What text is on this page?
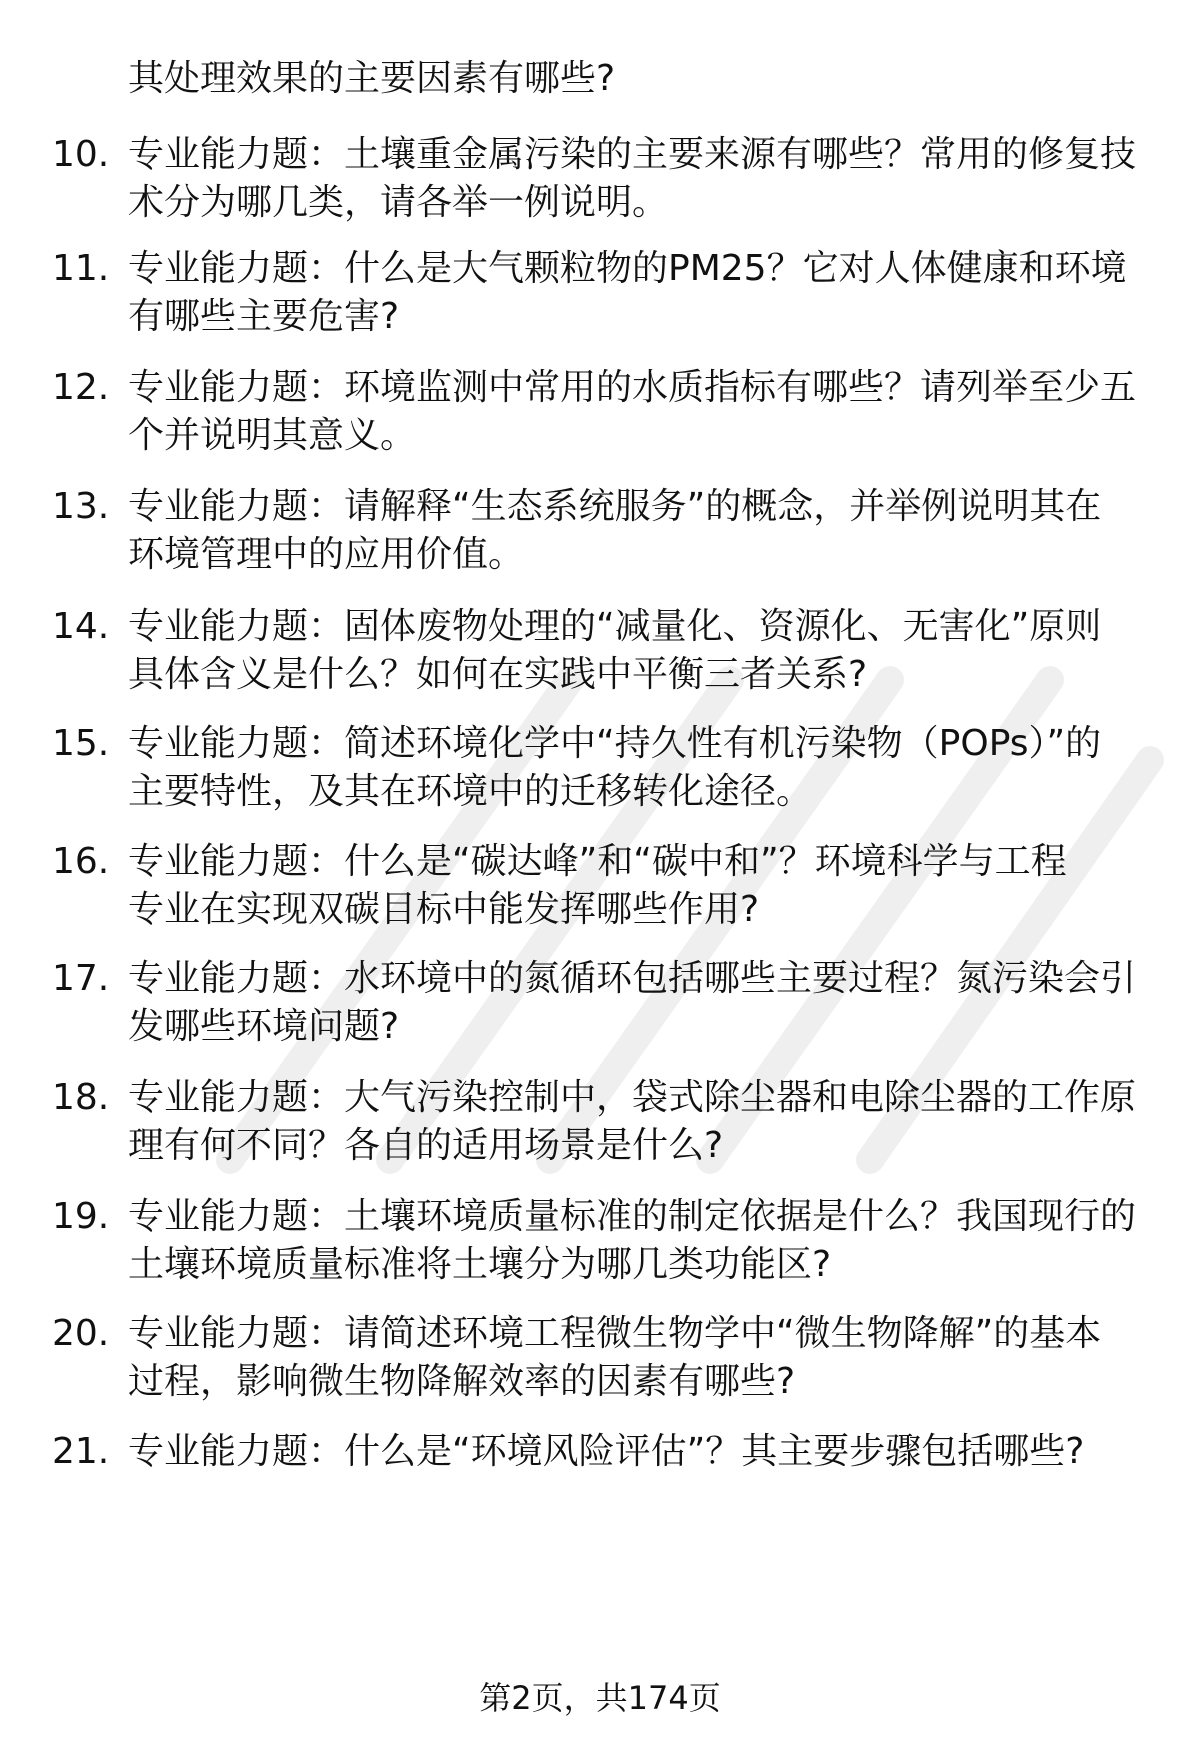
其处理效果的主要因素有哪些?
10. 专业能力题：土壤重金属污染的主要来源有哪些？常用的修复技
术分为哪几类，请各举一例说明。
11. 专业能力题：什么是大气颗粒物的PM25？它对人体健康和环境
有哪些主要危害?
12. 专业能力题：环境监测中常用的水质指标有哪些？请列举至少五
个并说明其意义。
13. 专业能力题：请解释“生态系统服务”的概念，并举例说明其在
环境管理中的应用价值。
14. 专业能力题：固体废物处理的“减量化、资源化、无害化”原则
具体含义是什么？如何在实践中平衡三者关系?
15. 专业能力题：简述环境化学中“持久性有机污染物（POPs）”的
主要特性，及其在环境中的迁移转化途径。
16. 专业能力题：什么是“碳达峰”和“碳中和”？环境科学与工程
专业在实现双碳目标中能发挥哪些作用?
17. 专业能力题：水环境中的氮循环包括哪些主要过程？氮污染会引
发哪些环境问题?
18. 专业能力题：大气污染控制中，袋式除尘器和电除尘器的工作原
理有何不同？各自的适用场景是什么?
19. 专业能力题：土壤环境质量标准的制定依据是什么？我国现行的
土壤环境质量标准将土壤分为哪几类功能区?
20. 专业能力题：请简述环境工程微生物学中“微生物降解”的基本
过程，影响微生物降解效率的因素有哪些?
21. 专业能力题：什么是“环境风险评估”？其主要步骤包括哪些?
第2页，共174页
